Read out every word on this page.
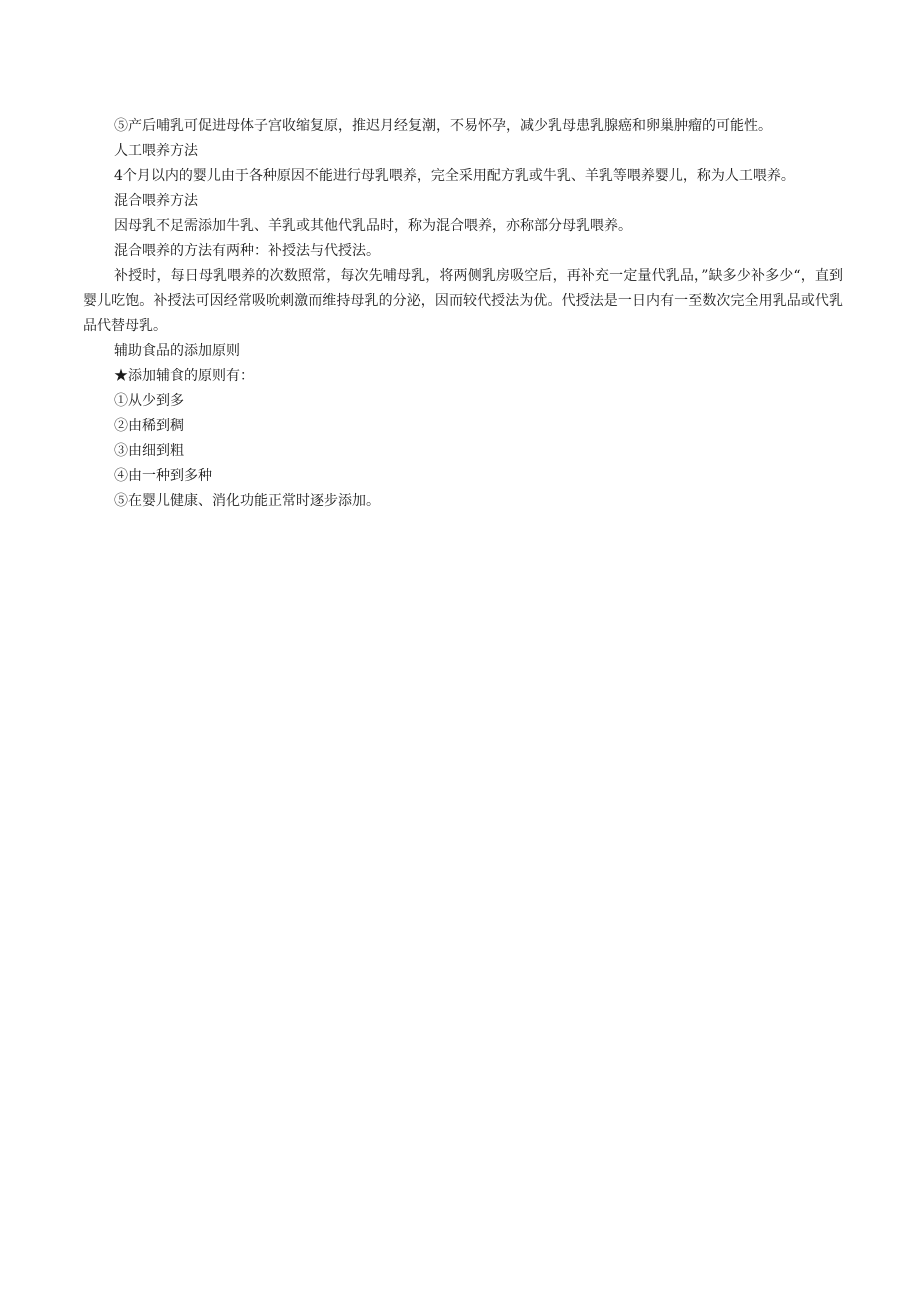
⑤产后哺乳可促进母体子宫收缩复原，推迟月经复潮，不易怀孕，减少乳母患乳腺癌和卵巢肿瘤的可能性。
人工喂养方法
4个月以内的婴儿由于各种原因不能进行母乳喂养，完全采用配方乳或牛乳、羊乳等喂养婴儿，称为人工喂养。
混合喂养方法
因母乳不足需添加牛乳、羊乳或其他代乳品时，称为混合喂养，亦称部分母乳喂养。
混合喂养的方法有两种：补授法与代授法。
补授时，每日母乳喂养的次数照常，每次先哺母乳，将两侧乳房吸空后，再补充一定量代乳品，”缺多少补多少“，直到婴儿吃饱。补授法可因经常吸吮刺激而维持母乳的分泌，因而较代授法为优。代授法是一日内有一至数次完全用乳品或代乳品代替母乳。
辅助食品的添加原则
★添加辅食的原则有：
①从少到多
②由稀到稠
③由细到粗
④由一种到多种
⑤在婴儿健康、消化功能正常时逐步添加。
